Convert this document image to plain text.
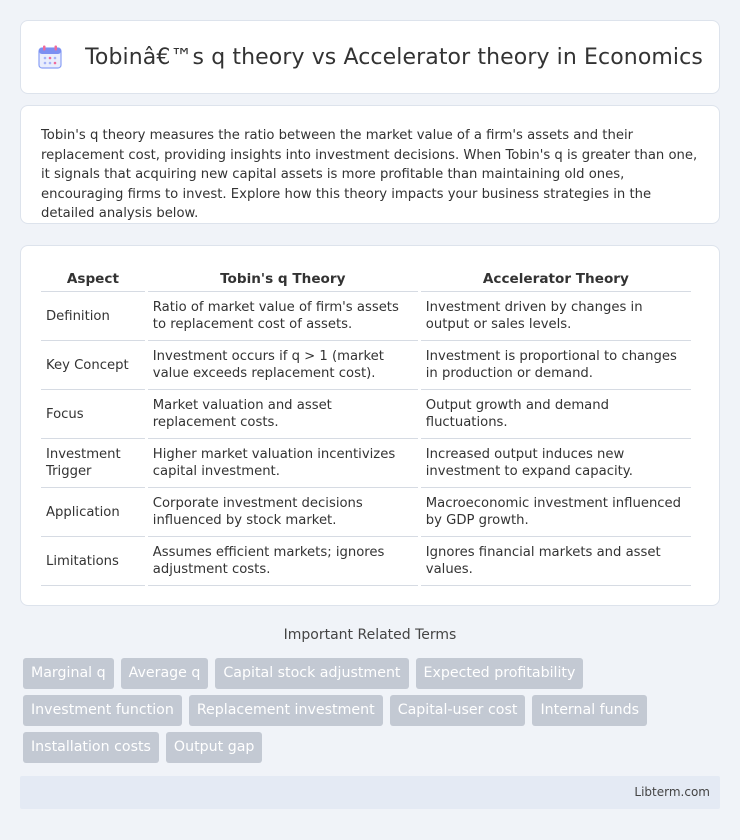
Tobinâ€™s q theory vs Accelerator theory in Economics

Tobin's q theory measures the ratio between the market value of a firm's assets and their replacement cost, providing insights into investment decisions. When Tobin's q is greater than one, it signals that acquiring new capital assets is more profitable than maintaining old ones, encouraging firms to invest. Explore how this theory impacts your business strategies in the detailed analysis below.

Aspect	Tobin's q Theory	Accelerator Theory
Definition	Ratio of market value of firm's assets to replacement cost of assets.	Investment driven by changes in output or sales levels.
Key Concept	Investment occurs if q > 1 (market value exceeds replacement cost).	Investment is proportional to changes in production or demand.
Focus	Market valuation and asset replacement costs.	Output growth and demand fluctuations.
Investment Trigger	Higher market valuation incentivizes capital investment.	Increased output induces new investment to expand capacity.
Application	Corporate investment decisions influenced by stock market.	Macroeconomic investment influenced by GDP growth.
Limitations	Assumes efficient markets; ignores adjustment costs.	Ignores financial markets and asset values.
Important Related Terms
Marginal q	Average q	Capital stock adjustment	Expected profitability
Investment function	Replacement investment	Capital-user cost	Internal funds
Installation costs	Output gap
Libterm.com
